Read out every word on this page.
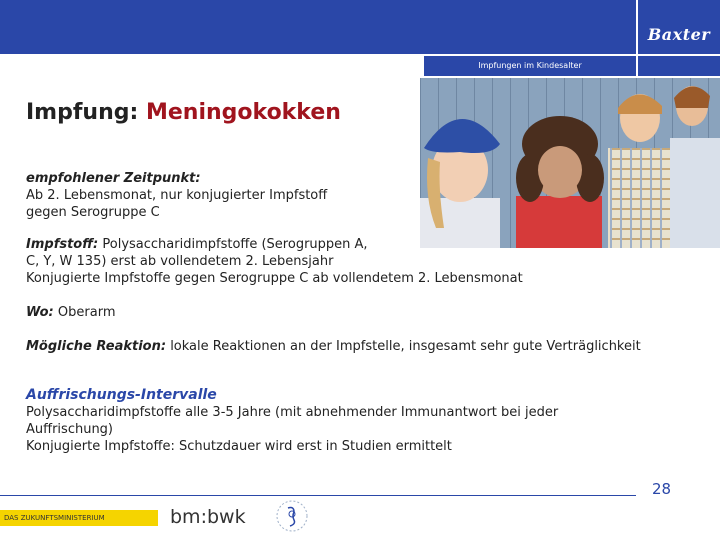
Baxter
Impfungen im Kindesalter
Impfung: Meningokokken
empfohlener Zeitpunkt:
Ab 2. Lebensmonat, nur konjugierter Impfstoff
gegen Serogruppe C
Impfstoff: Polysaccharidimpfstoffe (Serogruppen A,
C, Y, W 135) erst ab vollendetem 2. Lebensjahr
Konjugierte Impfstoffe gegen Serogruppe C ab vollendetem 2. Lebensmonat
Wo: Oberarm
Mögliche Reaktion: lokale Reaktionen an der Impfstelle, insgesamt sehr gute Verträglichkeit
Auffrischungs-Intervalle
Polysaccharidimpfstoffe alle 3-5 Jahre (mit abnehmender Immunantwort bei jeder
Auffrischung)
Konjugierte Impfstoffe: Schutzdauer wird erst in Studien ermittelt
28
DAS ZUKUNFTSMINISTERIUM	bm:bwk
